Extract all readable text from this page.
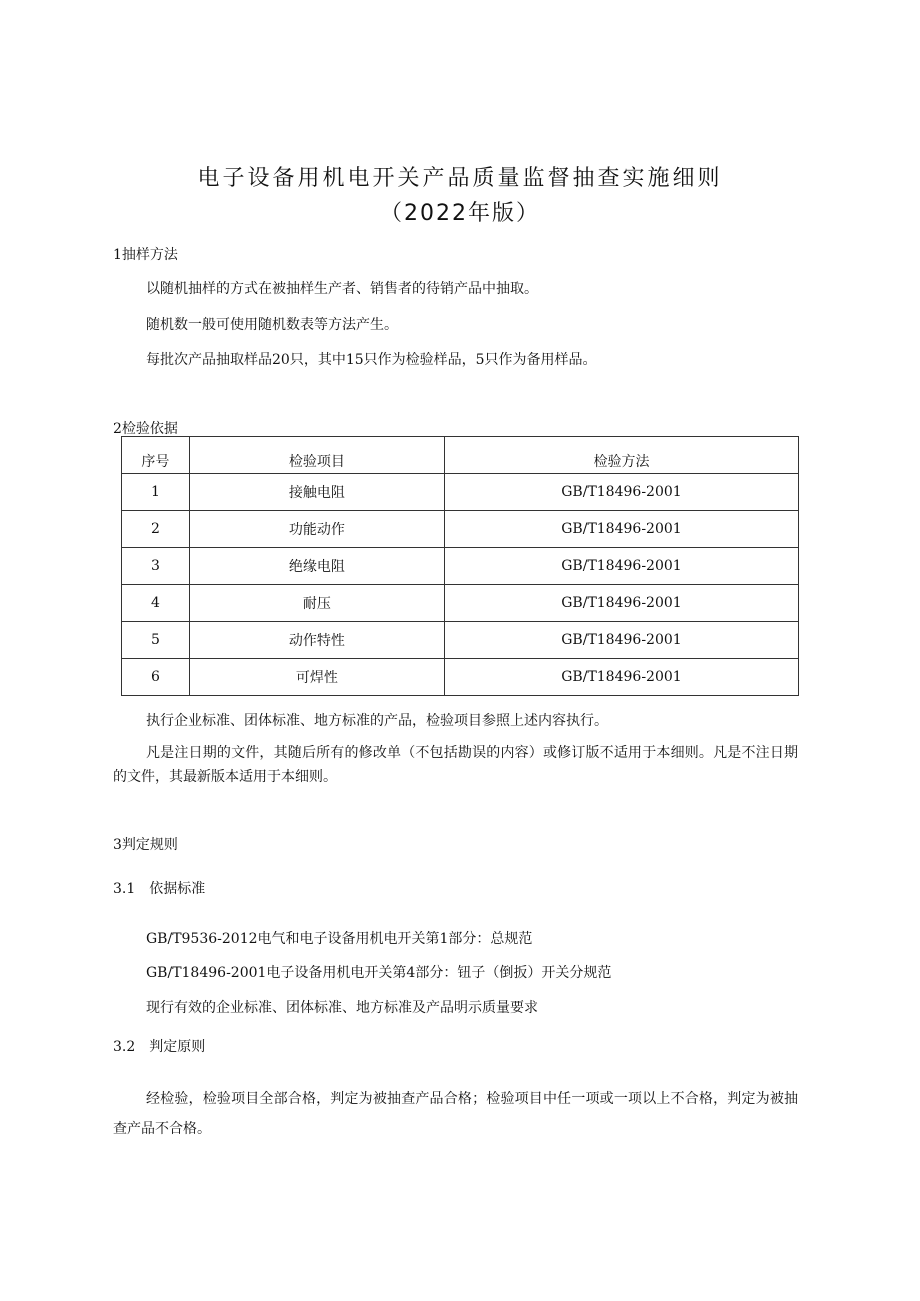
电子设备用机电开关产品质量监督抽查实施细则
（2022年版）
1抽样方法
以随机抽样的方式在被抽样生产者、销售者的待销产品中抽取。
随机数一般可使用随机数表等方法产生。
每批次产品抽取样品20只，其中15只作为检验样品，5只作为备用样品。
2检验依据
序号	检验项目	检验方法
1	接触电阻	GB/T18496-2001
2	功能动作	GB/T18496-2001
3	绝缘电阻	GB/T18496-2001
4	耐压	GB/T18496-2001
5	动作特性	GB/T18496-2001
6	可焊性	GB/T18496-2001
执行企业标准、团体标准、地方标准的产品，检验项目参照上述内容执行。
凡是注日期的文件，其随后所有的修改单（不包括勘误的内容）或修订版不适用于本细则。凡是不注日期的文件，其最新版本适用于本细则。
3判定规则
3.1　依据标准
GB/T9536-2012电气和电子设备用机电开关第1部分：总规范
GB/T18496-2001电子设备用机电开关第4部分：钮子（倒扳）开关分规范
现行有效的企业标准、团体标准、地方标准及产品明示质量要求
3.2　判定原则
经检验，检验项目全部合格，判定为被抽查产品合格；检验项目中任一项或一项以上不合格，判定为被抽查产品不合格。
